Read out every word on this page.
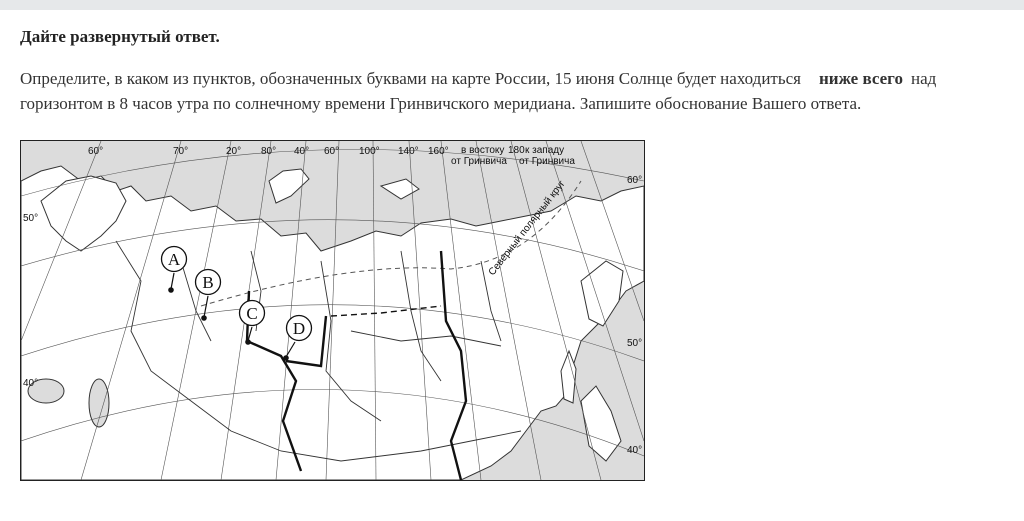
Дайте развернутый ответ.

Определите, в каком из пунктов, обозначенных буквами на карте России, 15 июня Солнце будет находиться ниже всего над
горизонтом в 8 часов утра по солнечному времени Гринвичского меридиана. Запишите обоснование Вашего ответа.

A
B
C
D
60°	70°	20° 80° 40° 60° 100° 140° 160° в востоку
от Гринвича
180 к западу
от Гринвича
50°
40°
60°
50°
40°
Северный полярный круг
